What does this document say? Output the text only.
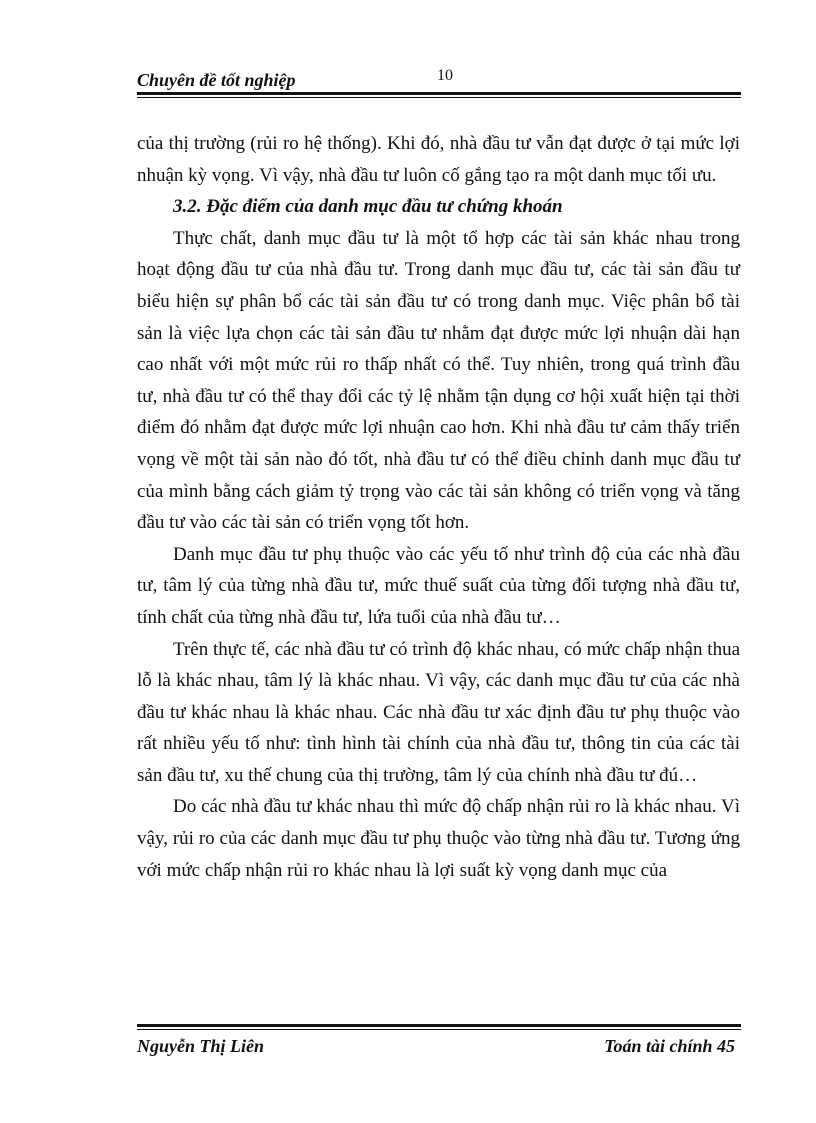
Chuyên đề tốt nghiệp	10

của thị trường (rủi ro hệ thống). Khi đó, nhà đầu tư vẫn đạt được ở tại mức lợi nhuận kỳ vọng. Vì vậy, nhà đầu tư luôn cố gắng tạo ra một danh mục tối ưu.

3.2. Đặc điểm của danh mục đầu tư chứng khoán

Thực chất, danh mục đầu tư là một tổ hợp các tài sản khác nhau trong hoạt động đầu tư của nhà đầu tư. Trong danh mục đầu tư, các tài sản đầu tư biểu hiện sự phân bổ các tài sản đầu tư có trong danh mục. Việc phân bổ tài sản là việc lựa chọn các tài sản đầu tư nhằm đạt được mức lợi nhuận dài hạn cao nhất với một mức rủi ro thấp nhất có thể. Tuy nhiên, trong quá trình đầu tư, nhà đầu tư có thể thay đổi các tỷ lệ nhằm tận dụng cơ hội xuất hiện tại thời điểm đó nhằm đạt được mức lợi nhuận cao hơn. Khi nhà đầu tư cảm thấy triển vọng về một tài sản nào đó tốt, nhà đầu tư có thể điều chỉnh danh mục đầu tư của mình bằng cách giảm tỷ trọng vào các tài sản không có triển vọng và tăng đầu tư vào các tài sản có triển vọng tốt hơn.

Danh mục đầu tư phụ thuộc vào các yếu tố như trình độ của các nhà đầu tư, tâm lý của từng nhà đầu tư, mức thuế suất của từng đối tượng nhà đầu tư, tính chất của từng nhà đầu tư, lứa tuổi của nhà đầu tư…

Trên thực tế, các nhà đầu tư có trình độ khác nhau, có mức chấp nhận thua lỗ là khác nhau, tâm lý là khác nhau. Vì vậy, các danh mục đầu tư của các nhà đầu tư khác nhau là khác nhau. Các nhà đầu tư xác định đầu tư phụ thuộc vào rất nhiều yếu tố như: tình hình tài chính của nhà đầu tư, thông tin của các tài sản đầu tư, xu thế chung của thị trường, tâm lý của chính nhà đầu tư đú…

Do các nhà đầu tư khác nhau thì mức độ chấp nhận rủi ro là khác nhau. Vì vậy, rủi ro của các danh mục đầu tư phụ thuộc vào từng nhà đầu tư. Tương ứng với mức chấp nhận rủi ro khác nhau là lợi suất kỳ vọng danh mục của

Nguyễn Thị Liên	Toán tài chính 45
